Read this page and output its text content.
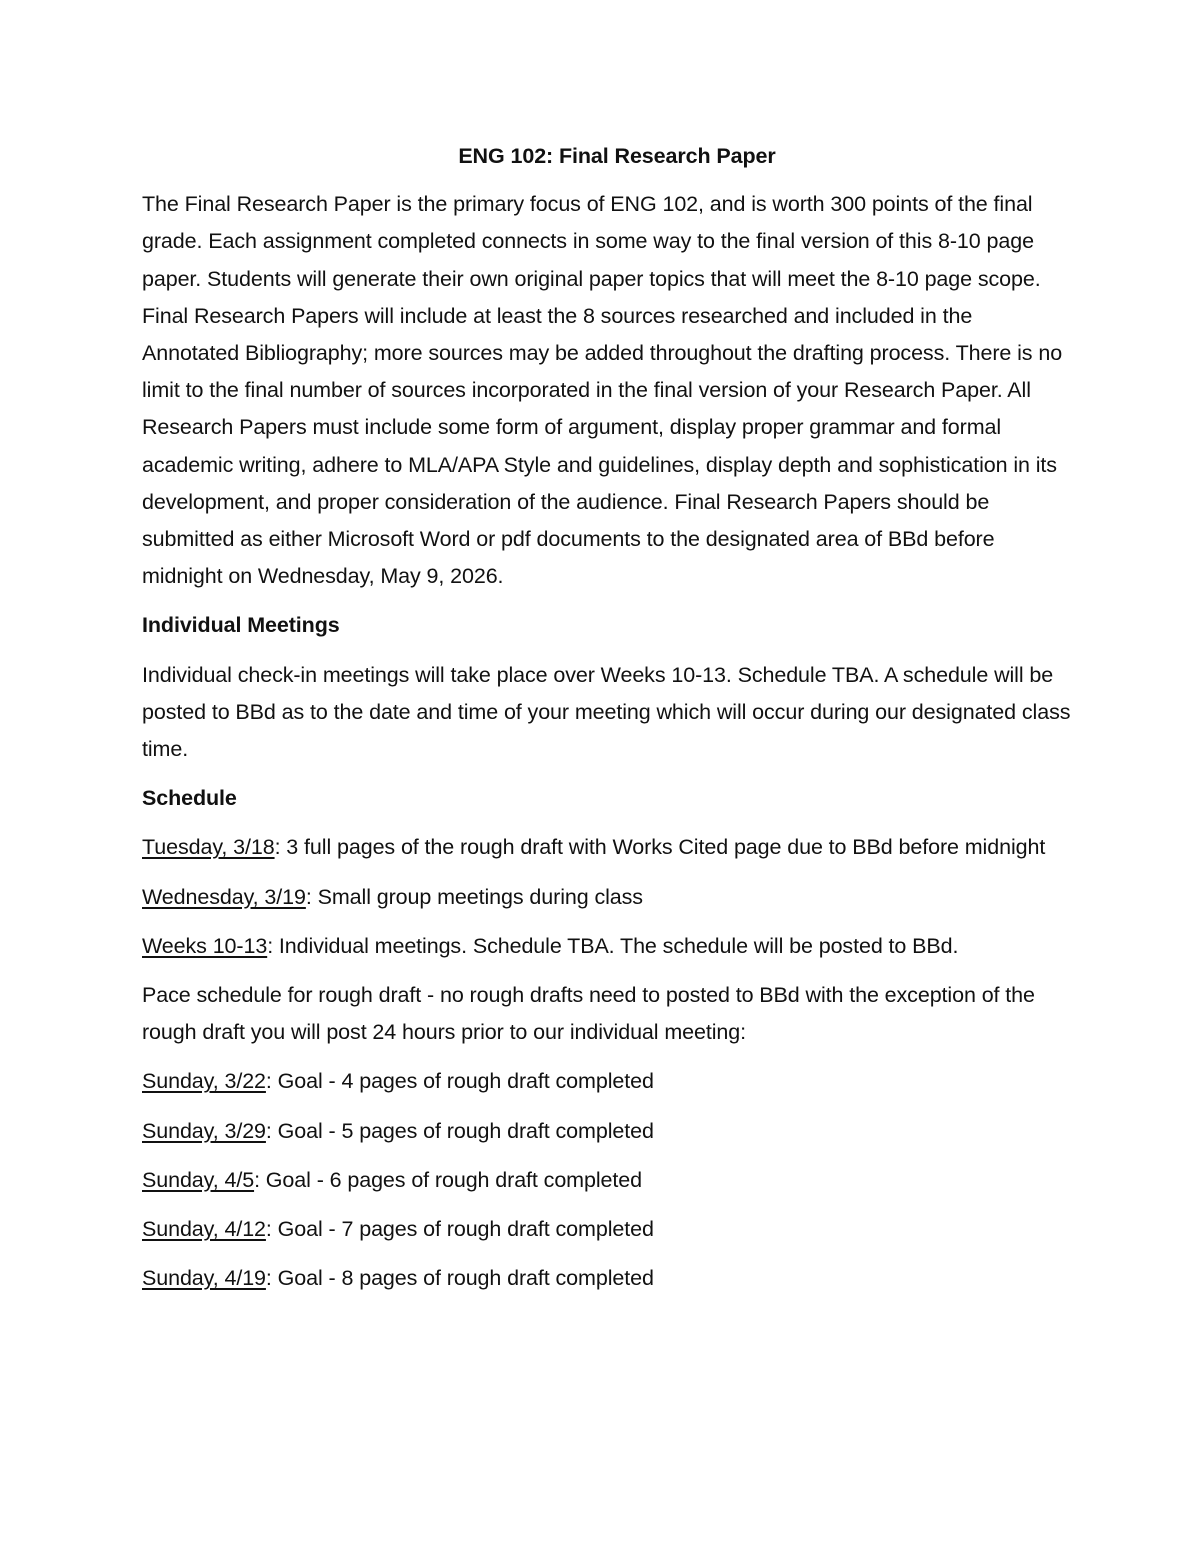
ENG 102: Final Research Paper
The Final Research Paper is the primary focus of ENG 102, and is worth 300 points of the final grade. Each assignment completed connects in some way to the final version of this 8-10 page paper. Students will generate their own original paper topics that will meet the 8-10 page scope. Final Research Papers will include at least the 8 sources researched and included in the Annotated Bibliography; more sources may be added throughout the drafting process. There is no limit to the final number of sources incorporated in the final version of your Research Paper. All Research Papers must include some form of argument, display proper grammar and formal academic writing, adhere to MLA/APA Style and guidelines, display depth and sophistication in its development, and proper consideration of the audience. Final Research Papers should be submitted as either Microsoft Word or pdf documents to the designated area of BBd before midnight on Wednesday, May 9, 2026.
Individual Meetings
Individual check-in meetings will take place over Weeks 10-13. Schedule TBA. A schedule will be posted to BBd as to the date and time of your meeting which will occur during our designated class time.
Schedule
Tuesday, 3/18: 3 full pages of the rough draft with Works Cited page due to BBd before midnight
Wednesday, 3/19: Small group meetings during class
Weeks 10-13: Individual meetings. Schedule TBA. The schedule will be posted to BBd.
Pace schedule for rough draft - no rough drafts need to posted to BBd with the exception of the rough draft you will post 24 hours prior to our individual meeting:
Sunday, 3/22: Goal - 4 pages of rough draft completed
Sunday, 3/29: Goal - 5 pages of rough draft completed
Sunday, 4/5: Goal - 6 pages of rough draft completed
Sunday, 4/12: Goal - 7 pages of rough draft completed
Sunday, 4/19: Goal - 8 pages of rough draft completed
